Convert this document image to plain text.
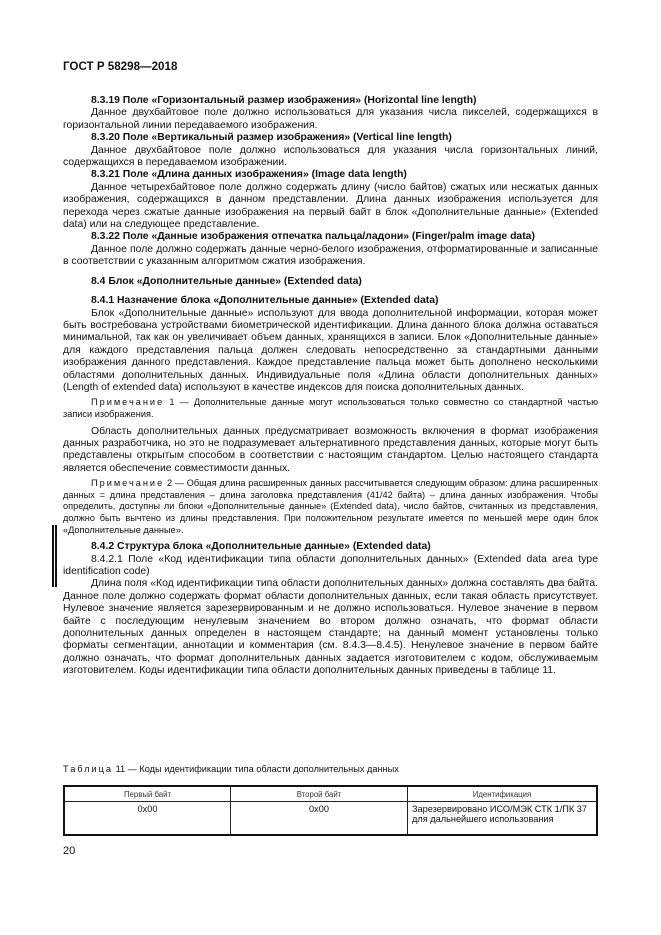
ГОСТ Р 58298—2018

8.3.19 Поле «Горизонтальный размер изображения» (Horizontal line length)

Данное двухбайтовое поле должно использоваться для указания числа пикселей, содержащихся в горизонтальной линии передаваемого изображения.

8.3.20 Поле «Вертикальный размер изображения» (Vertical line length)

Данное двухбайтовое поле должно использоваться для указания числа горизонтальных линий, содержащихся в передаваемом изображении.

8.3.21 Поле «Длина данных изображения» (Image data length)

Данное четырехбайтовое поле должно содержать длину (число байтов) сжатых или несжатых данных изображения, содержащихся в данном представлении. Длина данных изображения используется для перехода через сжатые данные изображения на первый байт в блок «Дополнительные данные» (Extended data) или на следующее представление.

8.3.22 Поле «Данные изображения отпечатка пальца/ладони» (Finger/palm image data)

Данное поле должно содержать данные черно-белого изображения, отформатированные и записанные в соответствии с указанным алгоритмом сжатия изображения.

8.4 Блок «Дополнительные данные» (Extended data)

8.4.1 Назначение блока «Дополнительные данные» (Extended data)

Блок «Дополнительные данные» используют для ввода дополнительной информации, которая может быть востребована устройствами биометрической идентификации. Длина данного блока должна оставаться минимальной, так как он увеличивает объем данных, хранящихся в записи. Блок «Дополнительные данные» для каждого представления пальца должен следовать непосредственно за стандартными данными изображения данного представления. Каждое представление пальца может быть дополнено несколькими областями дополнительных данных. Индивидуальные поля «Длина области дополнительных данных» (Length of extended data) используют в качестве индексов для поиска дополнительных данных.

Примечание 1 — Дополнительные данные могут использоваться только совместно со стандартной частью записи изображения.

Область дополнительных данных предусматривает возможность включения в формат изображения данных разработчика, но это не подразумевает альтернативного представления данных, которые могут быть представлены открытым способом в соответствии с настоящим стандартом. Целью настоящего стандарта является обеспечение совместимости данных.

Примечание 2 — Общая длина расширенных данных рассчитывается следующим образом: длина расширенных данных = длина представления – длина заголовка представления (41/42 байта) – длина данных изображения. Чтобы определить, доступны ли блоки «Дополнительные данные» (Extended data), число байтов, считанных из представления, должно быть вычтено из длины представления. При положительном результате имеется по меньшей мере один блок «Дополнительные данные».

8.4.2 Структура блока «Дополнительные данные» (Extended data)

8.4.2.1 Поле «Код идентификации типа области дополнительных данных» (Extended data area type identification code)

Длина поля «Код идентификации типа области дополнительных данных» должна составлять два байта. Данное поле должно содержать формат области дополнительных данных, если такая область присутствует. Нулевое значение является зарезервированным и не должно использоваться. Нулевое значение в первом байте с последующим ненулевым значением во втором должно означать, что формат области дополнительных данных определен в настоящем стандарте; на данный момент установлены только форматы сегментации, аннотации и комментария (см. 8.4.3—8.4.5). Ненулевое значение в первом байте должно означать, что формат дополнительных данных задается изготовителем с кодом, обслуживаемым изготовителем. Коды идентификации типа области дополнительных данных приведены в таблице 11.

Таблица 11 — Коды идентификации типа области дополнительных данных
Первый байт	Второй байт	Идентификация
0x00	0x00	Зарезервировано ИСО/МЭК СТК 1/ПК 37 для дальнейшего использования
20
